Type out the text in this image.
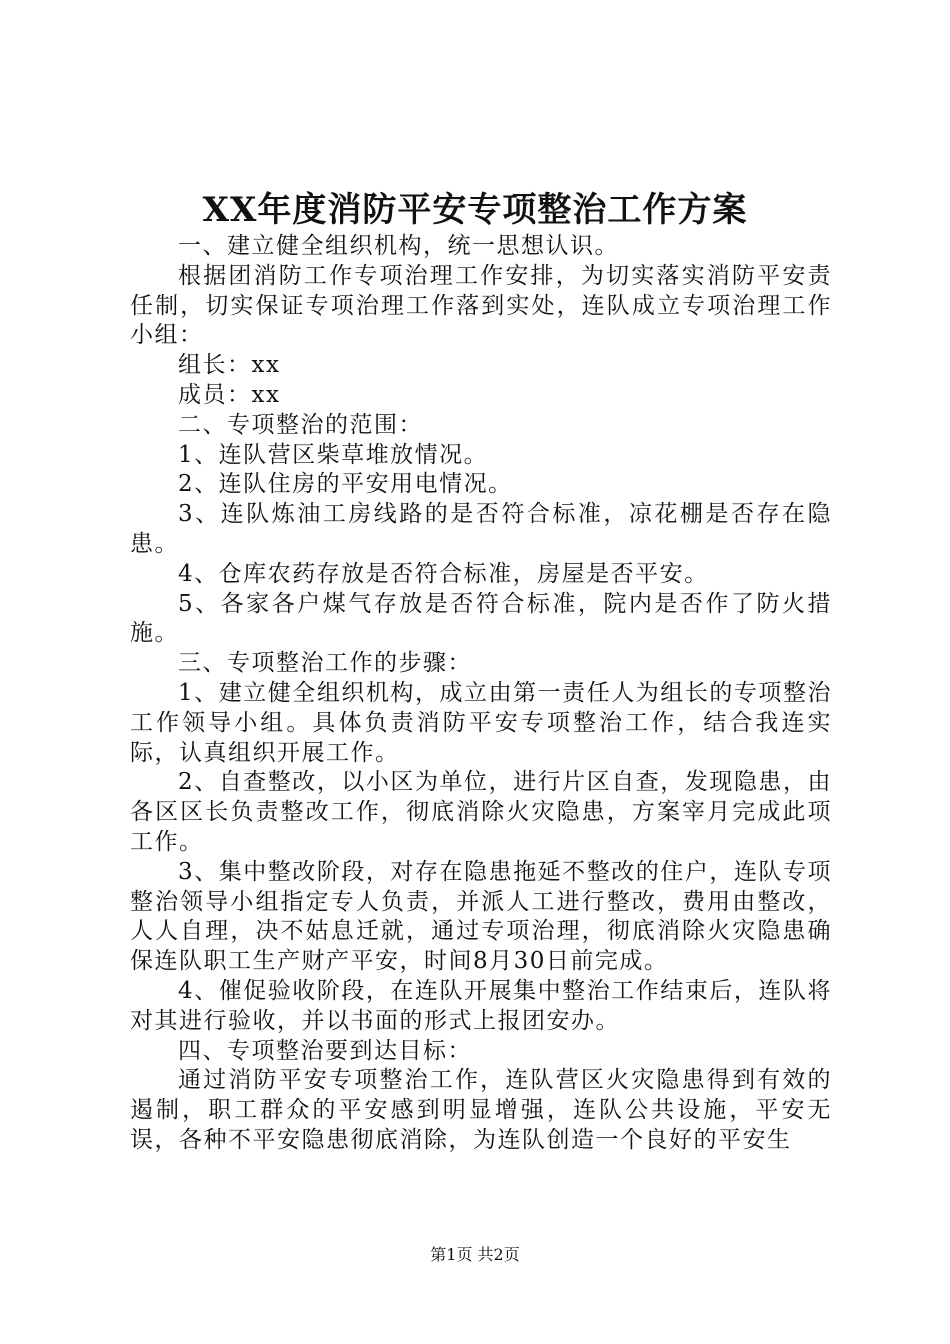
XX年度消防平安专项整治工作方案

一、建立健全组织机构，统一思想认识。

根据团消防工作专项治理工作安排，为切实落实消防平安责任制，切实保证专项治理工作落到实处，连队成立专项治理工作小组：

组长：xx

成员：xx

二、专项整治的范围：

1、连队营区柴草堆放情况。

2、连队住房的平安用电情况。

3、连队炼油工房线路的是否符合标准，凉花棚是否存在隐患。

4、仓库农药存放是否符合标准，房屋是否平安。

5、各家各户煤气存放是否符合标准，院内是否作了防火措施。

三、专项整治工作的步骤：

1、建立健全组织机构，成立由第一责任人为组长的专项整治工作领导小组。具体负责消防平安专项整治工作，结合我连实际，认真组织开展工作。

2、自查整改，以小区为单位，进行片区自查，发现隐患，由各区区长负责整改工作，彻底消除火灾隐患，方案宰月完成此项工作。

3、集中整改阶段，对存在隐患拖延不整改的住户，连队专项整治领导小组指定专人负责，并派人工进行整改，费用由整改，人人自理，决不姑息迁就，通过专项治理，彻底消除火灾隐患确保连队职工生产财产平安，时间8月30日前完成。

4、催促验收阶段，在连队开展集中整治工作结束后，连队将对其进行验收，并以书面的形式上报团安办。

四、专项整治要到达目标：

通过消防平安专项整治工作，连队营区火灾隐患得到有效的遏制，职工群众的平安感到明显增强，连队公共设施，平安无误，各种不平安隐患彻底消除，为连队创造一个良好的平安生

第1页 共2页
